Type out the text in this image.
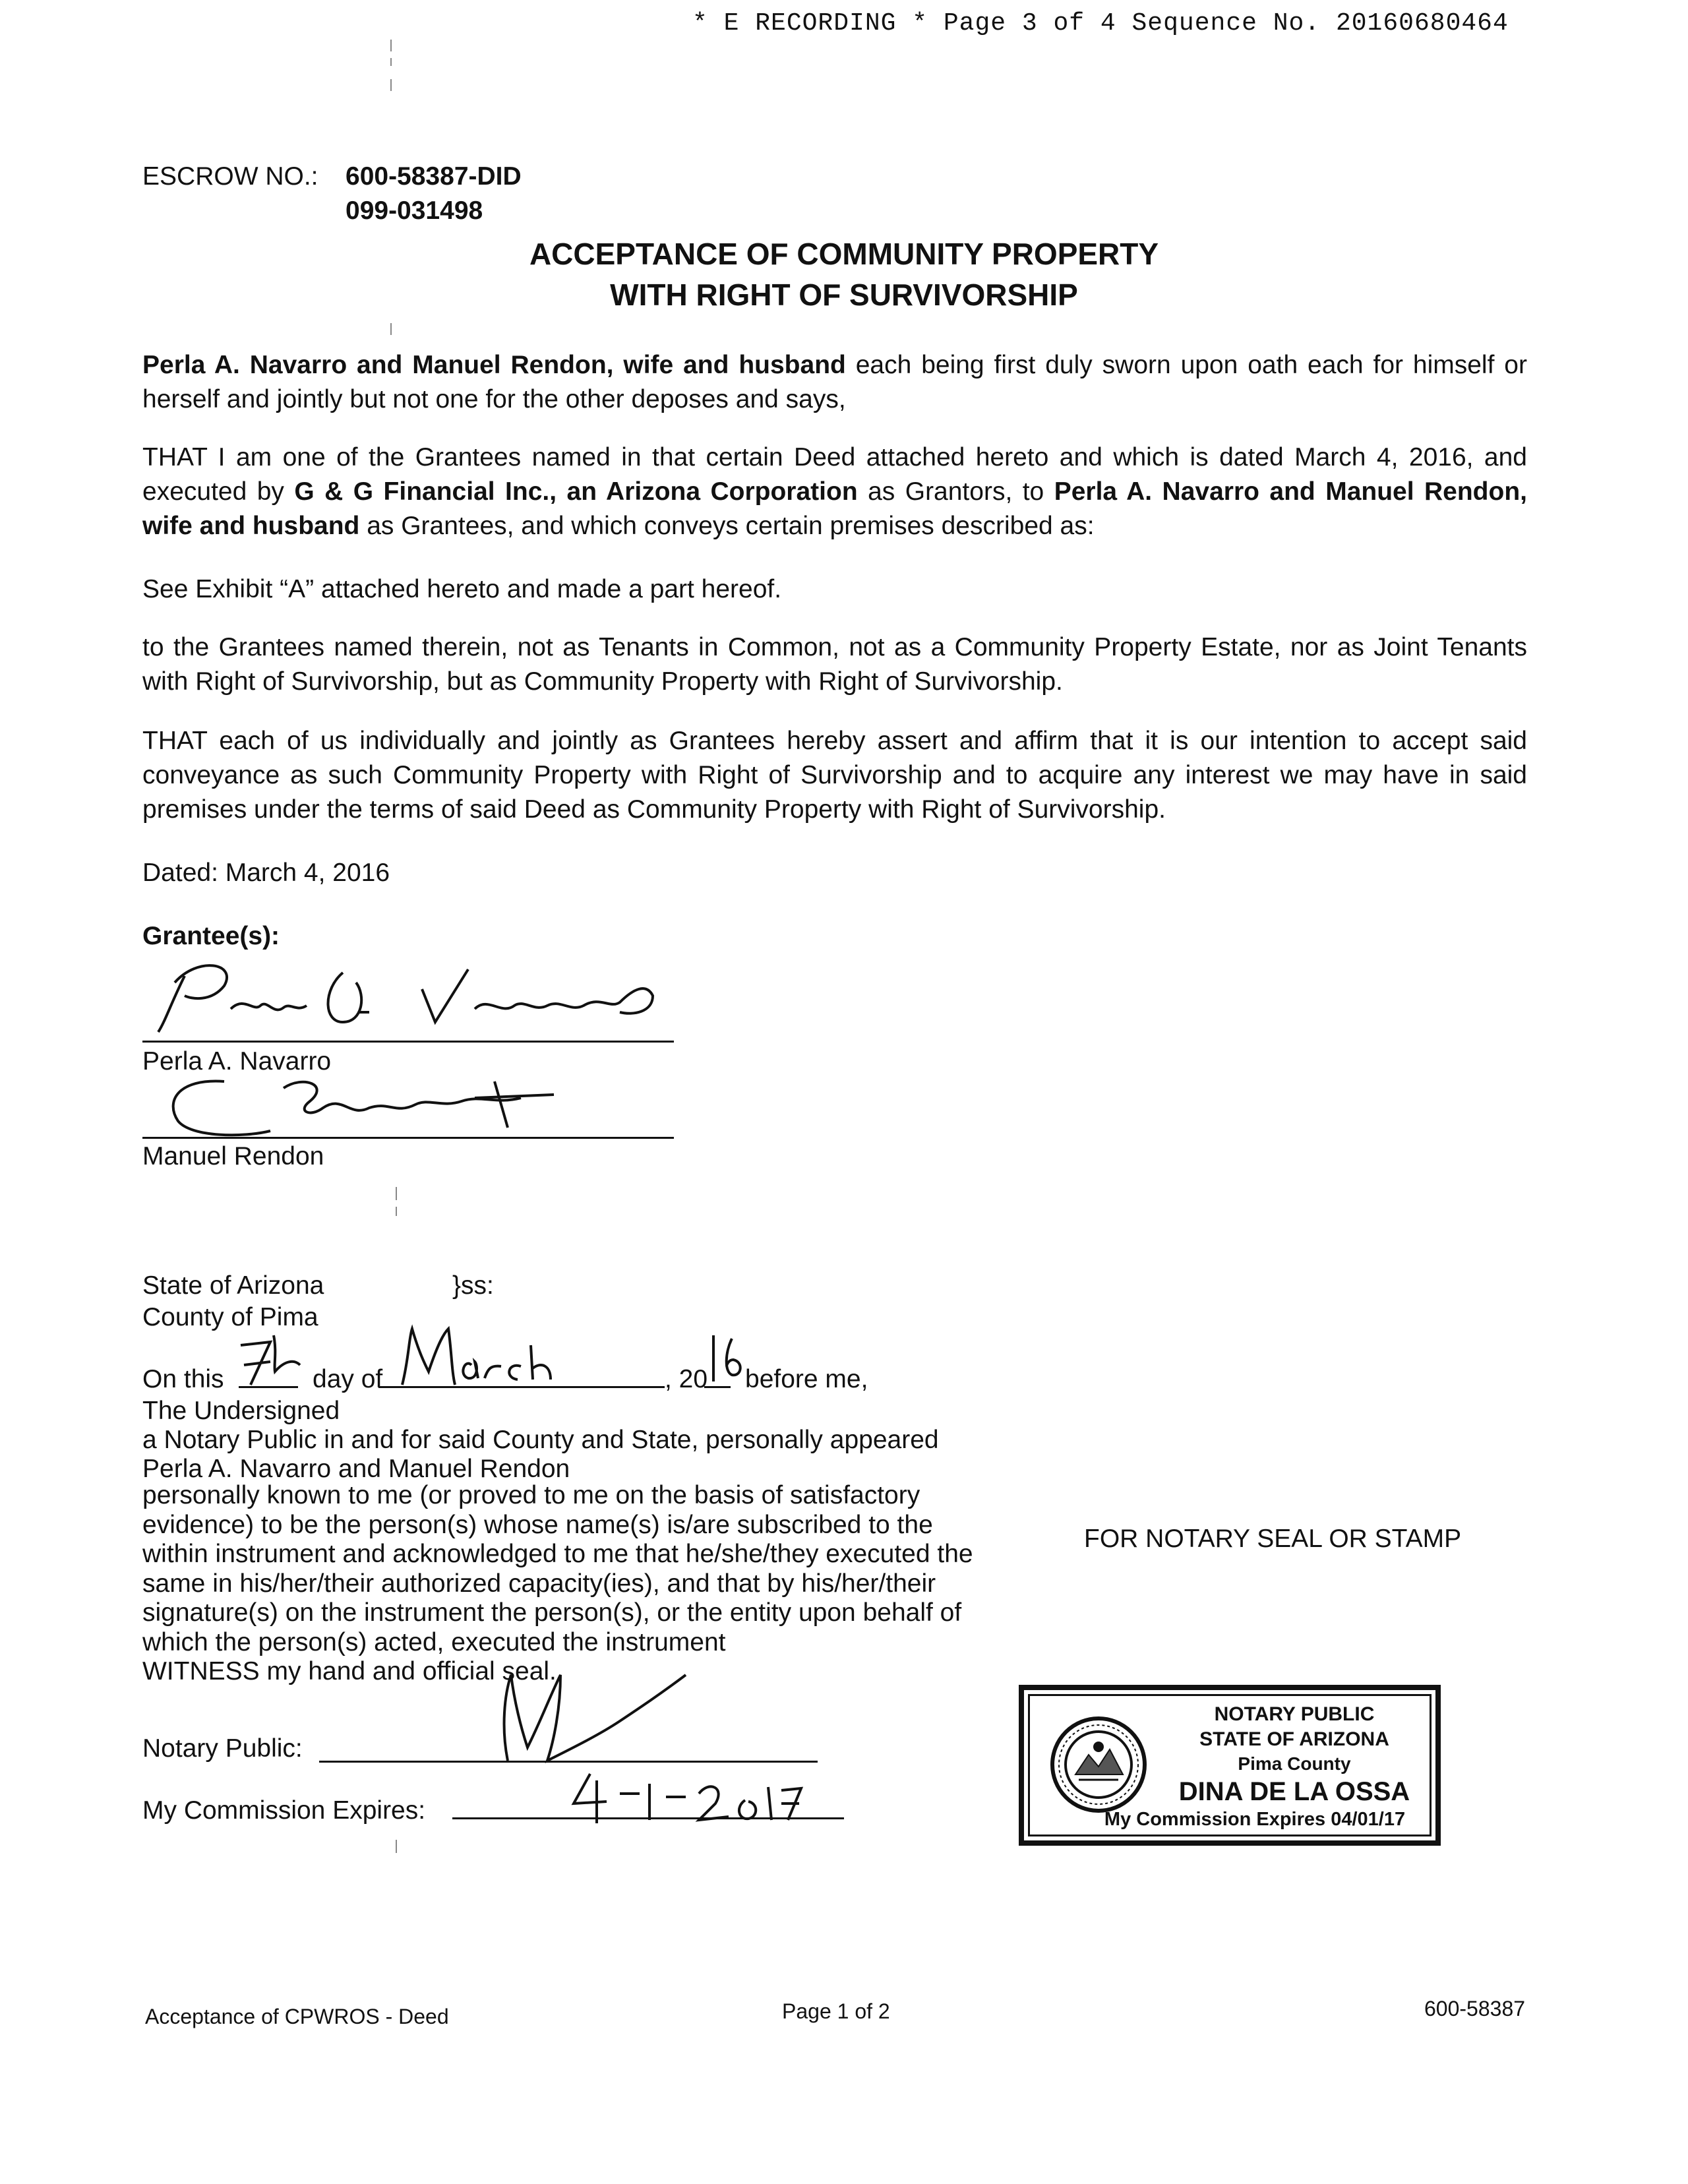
* E RECORDING * Page 3 of 4 Sequence No. 20160680464
ESCROW NO.: 600-58387-DID
099-031498
ACCEPTANCE OF COMMUNITY PROPERTY
WITH RIGHT OF SURVIVORSHIP
Perla A. Navarro and Manuel Rendon, wife and husband each being first duly sworn upon oath each for himself or herself and jointly but not one for the other deposes and says,
THAT I am one of the Grantees named in that certain Deed attached hereto and which is dated March 4, 2016, and executed by G & G Financial Inc., an Arizona Corporation as Grantors, to Perla A. Navarro and Manuel Rendon, wife and husband as Grantees, and which conveys certain premises described as:
See Exhibit “A” attached hereto and made a part hereof.
to the Grantees named therein, not as Tenants in Common, not as a Community Property Estate, nor as Joint Tenants with Right of Survivorship, but as Community Property with Right of Survivorship.
THAT each of us individually and jointly as Grantees hereby assert and affirm that it is our intention to accept said conveyance as such Community Property with Right of Survivorship and to acquire any interest we may have in said premises under the terms of said Deed as Community Property with Right of Survivorship.
Dated: March 4, 2016
Grantee(s):
Perla A. Navarro
Manuel Rendon
State of Arizona	}ss:
County of Pima
On this	day of	, 20 before me,
The Undersigned
a Notary Public in and for said County and State, personally appeared
Perla A. Navarro and Manuel Rendon
personally known to me (or proved to me on the basis of satisfactory
evidence) to be the person(s) whose name(s) is/are subscribed to the
within instrument and acknowledged to me that he/she/they executed the
same in his/her/their authorized capacity(ies), and that by his/her/their
signature(s) on the instrument the person(s), or the entity upon behalf of
which the person(s) acted, executed the instrument
WITNESS my hand and official seal.
Notary Public:
My Commission Expires:
FOR NOTARY SEAL OR STAMP
NOTARY PUBLIC
STATE OF ARIZONA
Pima County
DINA DE LA OSSA
My Commission Expires 04/01/17
Acceptance of CPWROS - Deed	Page 1 of 2	600-58387
